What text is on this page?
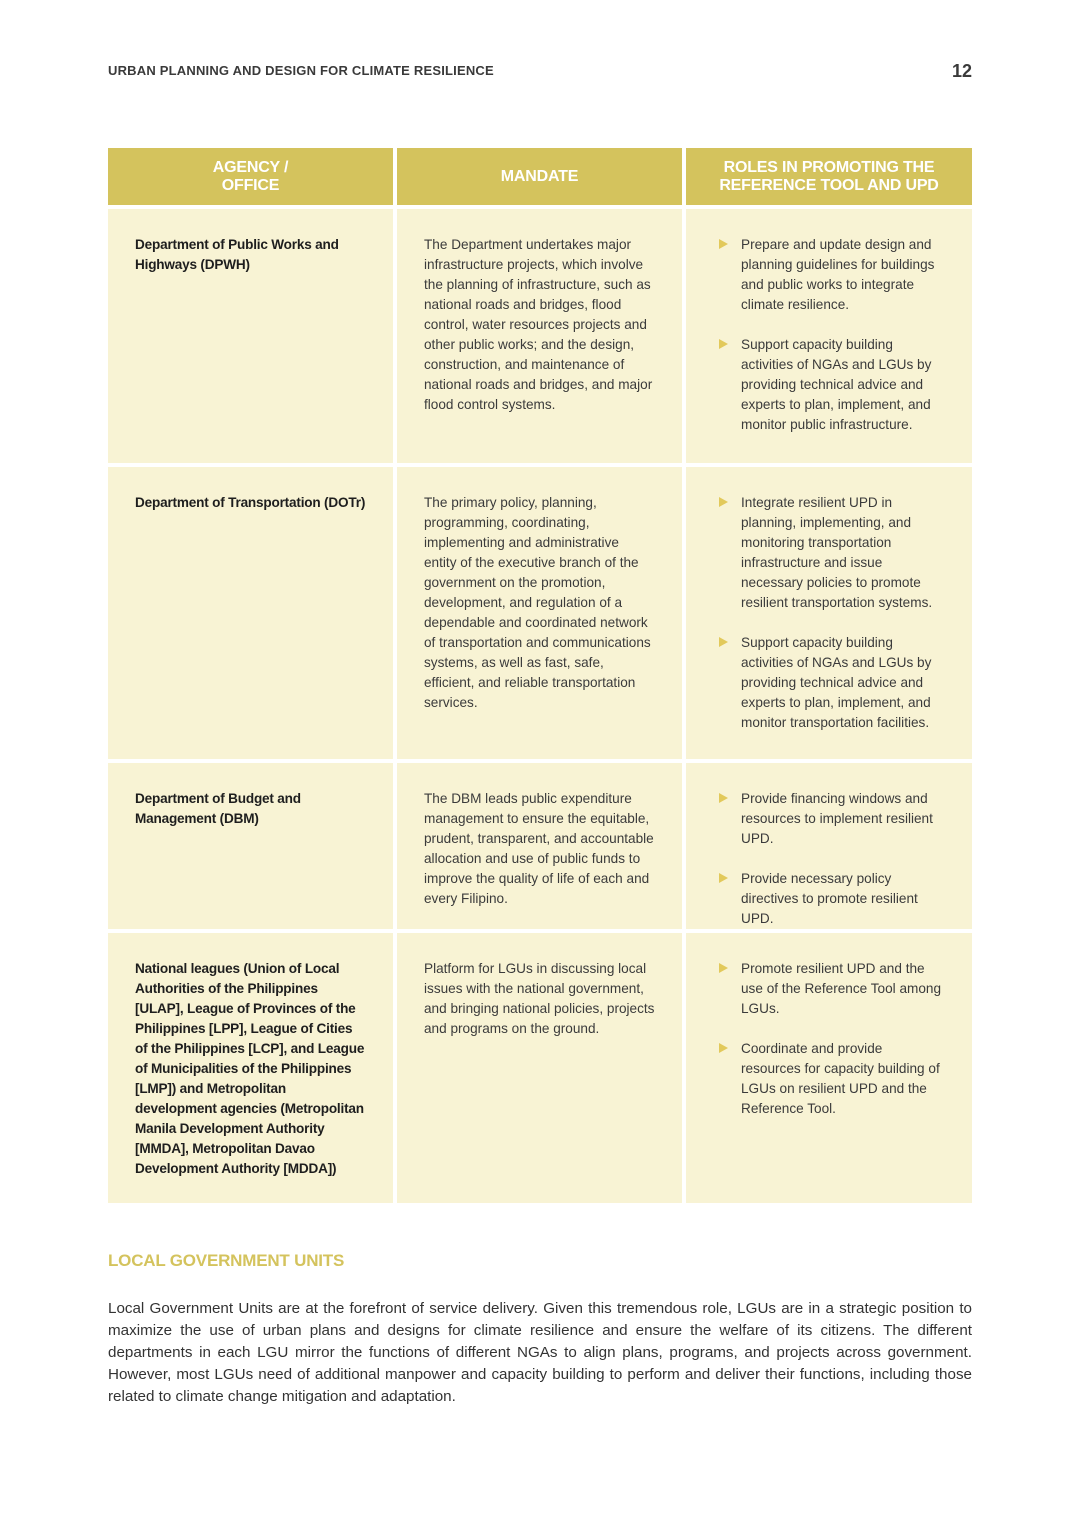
URBAN PLANNING AND DESIGN FOR CLIMATE RESILIENCE	12
AGENCY /
OFFICE
MANDATE
ROLES IN PROMOTING THE
REFERENCE TOOL AND UPD
Department of Public Works and Highways (DPWH)
The Department undertakes major infrastructure projects, which involve the planning of infrastructure, such as national roads and bridges, flood control, water resources projects and other public works; and the design, construction, and maintenance of national roads and bridges, and major flood control systems.
Prepare and update design and planning guidelines for buildings and public works to integrate climate resilience.
Support capacity building activities of NGAs and LGUs by providing technical advice and experts to plan, implement, and monitor public infrastructure.
Department of Transportation (DOTr)	The primary policy, planning, programming, coordinating, implementing and administrative entity of the executive branch of the government on the promotion, development, and regulation of a dependable and coordinated network of transportation and communications systems, as well as fast, safe, efficient, and reliable transportation services.
Integrate resilient UPD in planning, implementing, and monitoring transportation infrastructure and issue necessary policies to promote resilient transportation systems.
Support capacity building activities of NGAs and LGUs by providing technical advice and experts to plan, implement, and monitor transportation facilities.
Department of Budget and Management (DBM)
The DBM leads public expenditure management to ensure the equitable, prudent, transparent, and accountable allocation and use of public funds to improve the quality of life of each and every Filipino.
Provide financing windows and resources to implement resilient UPD.
Provide necessary policy directives to promote resilient UPD.
National leagues (Union of Local Authorities of the Philippines [ULAP], League of Provinces of the Philippines [LPP], League of Cities of the Philippines [LCP], and League of Municipalities of the Philippines [LMP]) and Metropolitan development agencies (Metropolitan Manila Development Authority [MMDA], Metropolitan Davao Development Authority [MDDA])
Platform for LGUs in discussing local issues with the national government, and bringing national policies, projects and programs on the ground.
Promote resilient UPD and the use of the Reference Tool among LGUs.
Coordinate and provide resources for capacity building of LGUs on resilient UPD and the Reference Tool.
LOCAL GOVERNMENT UNITS

Local Government Units are at the forefront of service delivery. Given this tremendous role, LGUs are in a strategic position to maximize the use of urban plans and designs for climate resilience and ensure the welfare of its citizens. The different departments in each LGU mirror the functions of different NGAs to align plans, programs, and projects across government. However, most LGUs need of additional manpower and capacity building to perform and deliver their functions, including those related to climate change mitigation and adaptation.
